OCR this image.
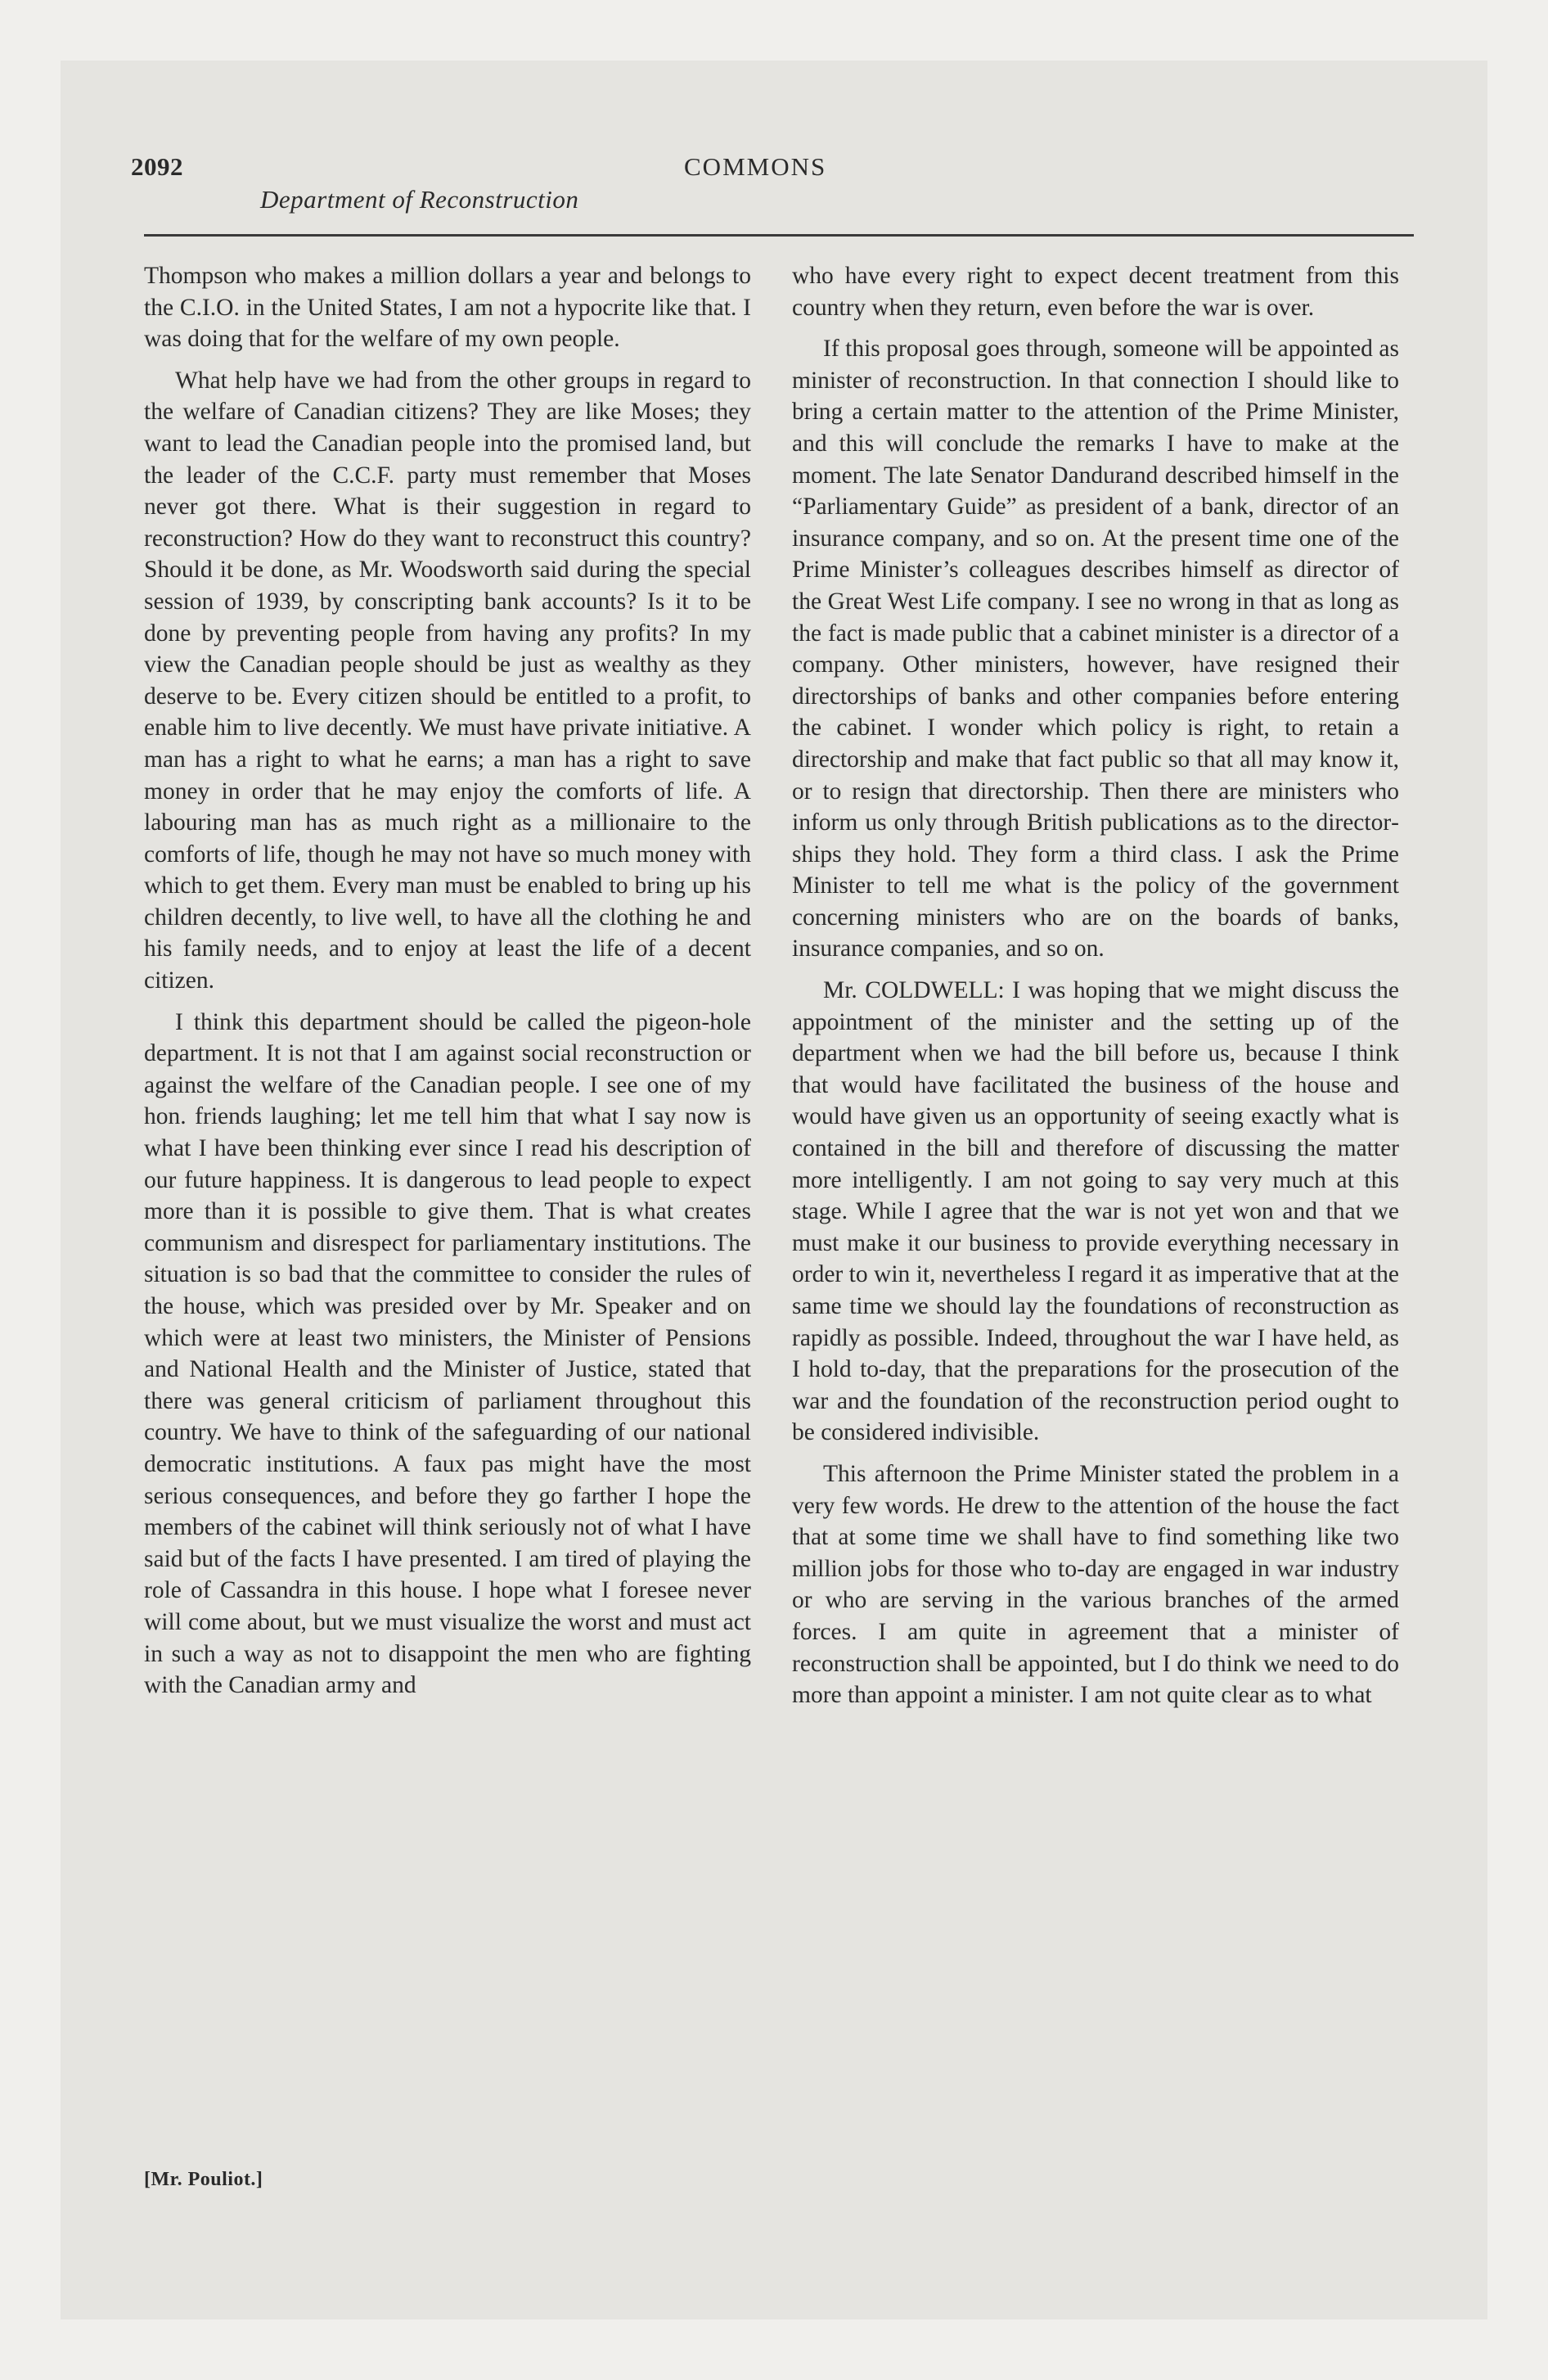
2092	COMMONS
Department of Reconstruction

Thompson who makes a million dollars a year and belongs to the C.I.O. in the United States, I am not a hypocrite like that. I was doing that for the welfare of my own people.

What help have we had from the other groups in regard to the welfare of Canadian citizens? They are like Moses; they want to lead the Canadian people into the promised land, but the leader of the C.C.F. party must remember that Moses never got there. What is their suggestion in regard to reconstruction? How do they want to reconstruct this country? Should it be done, as Mr. Woodsworth said during the special session of 1939, by conscripting bank accounts? Is it to be done by preventing people from having any profits? In my view the Canadian people should be just as wealthy as they deserve to be. Every citizen should be entitled to a profit, to enable him to live decently. We must have private initiative. A man has a right to what he earns; a man has a right to save money in order that he may enjoy the comforts of life. A labouring man has as much right as a millionaire to the comforts of life, though he may not have so much money with which to get them. Every man must be enabled to bring up his children decently, to live well, to have all the clothing he and his family needs, and to enjoy at least the life of a decent citizen.

I think this department should be called the pigeon-hole department. It is not that I am against social reconstruction or against the welfare of the Canadian people. I see one of my hon. friends laughing; let me tell him that what I say now is what I have been thinking ever since I read his description of our future happiness. It is dangerous to lead people to expect more than it is possible to give them. That is what creates communism and disrespect for parliamentary institutions. The situation is so bad that the committee to consider the rules of the house, which was presided over by Mr. Speaker and on which were at least two ministers, the Minister of Pensions and National Health and the Minister of Justice, stated that there was general criticism of parliament throughout this country. We have to think of the safeguarding of our national democratic institutions. A faux pas might have the most serious consequences, and before they go farther I hope the members of the cabinet will think seriously not of what I have said but of the facts I have presented. I am tired of playing the role of Cassandra in this house. I hope what I foresee never will come about, but we must visualize the worst and must act in such a way as not to disappoint the men who are fighting with the Canadian army and

who have every right to expect decent treatment from this country when they return, even before the war is over.

If this proposal goes through, someone will be appointed as minister of reconstruction. In that connection I should like to bring a certain matter to the attention of the Prime Minister, and this will conclude the remarks I have to make at the moment. The late Senator Dandurand described himself in the “Parliamentary Guide” as president of a bank, director of an insurance company, and so on. At the present time one of the Prime Minister’s colleagues describes himself as director of the Great West Life company. I see no wrong in that as long as the fact is made public that a cabinet minister is a director of a company. Other ministers, however, have resigned their directorships of banks and other companies before entering the cabinet. I wonder which policy is right, to retain a directorship and make that fact public so that all may know it, or to resign that directorship. Then there are ministers who inform us only through British publications as to the directorships they hold. They form a third class. I ask the Prime Minister to tell me what is the policy of the government concerning ministers who are on the boards of banks, insurance companies, and so on.

Mr. COLDWELL: I was hoping that we might discuss the appointment of the minister and the setting up of the department when we had the bill before us, because I think that would have facilitated the business of the house and would have given us an opportunity of seeing exactly what is contained in the bill and therefore of discussing the matter more intelligently. I am not going to say very much at this stage. While I agree that the war is not yet won and that we must make it our business to provide everything necessary in order to win it, nevertheless I regard it as imperative that at the same time we should lay the foundations of reconstruction as rapidly as possible. Indeed, throughout the war I have held, as I hold to-day, that the preparations for the prosecution of the war and the foundation of the reconstruction period ought to be considered indivisible.

This afternoon the Prime Minister stated the problem in a very few words. He drew to the attention of the house the fact that at some time we shall have to find something like two million jobs for those who to-day are engaged in war industry or who are serving in the various branches of the armed forces. I am quite in agreement that a minister of reconstruction shall be appointed, but I do think we need to do more than appoint a minister. I am not quite clear as to what

[Mr. Pouliot.]
